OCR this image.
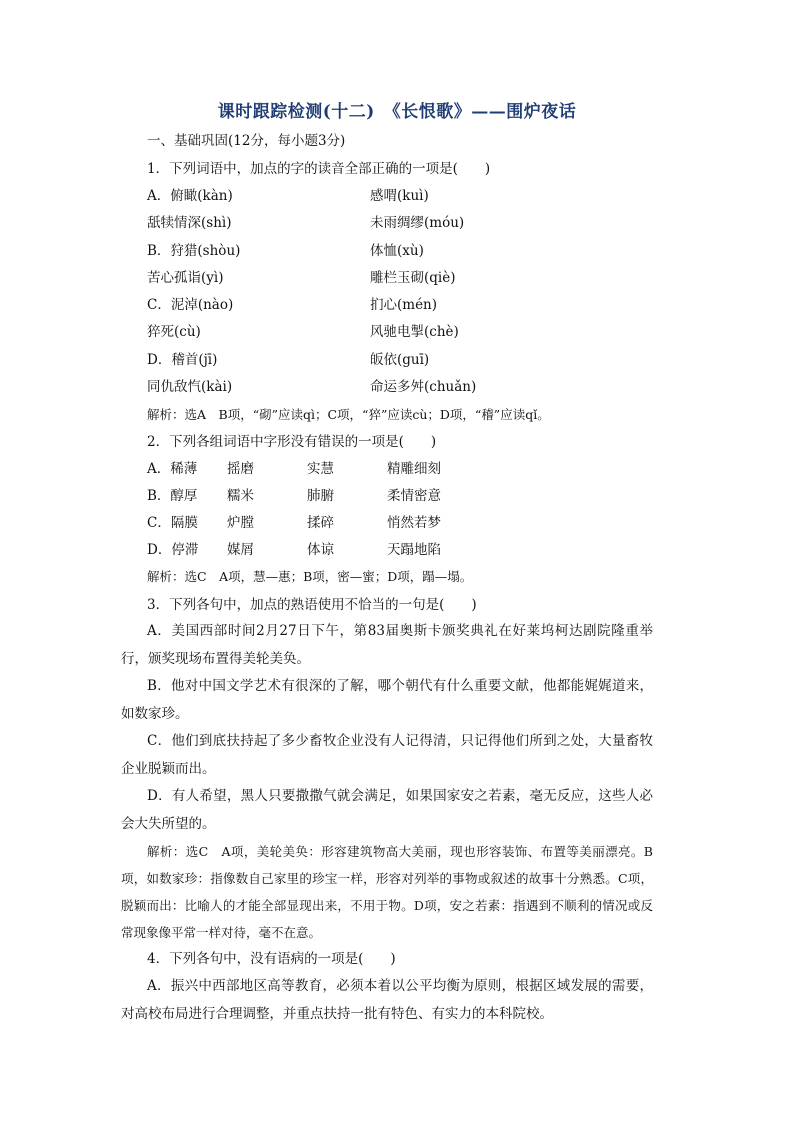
课时跟踪检测(十二)　《长恨歌》——围炉夜话
一、基础巩固(12分，每小题3分)
1．下列词语中，加点的字的读音全部正确的一项是(　　)
A．俯瞰(kàn)	感喟(kuì)
舐犊情深(shì)	未雨绸缪(móu)
B．狩猎(shòu)	体恤(xù)
苦心孤诣(yì)	雕栏玉砌(qiè)
C．泥淖(nào)	扪心(mén)
猝死(cù)	风驰电掣(chè)
D．稽首(jī)	皈依(guī)
同仇敌忾(kài)	命运多舛(chuǎn)
解析：选A　B项，“砌”应读qì；C项，“猝”应读cù；D项，“稽”应读qǐ。
2．下列各组词语中字形没有错误的一项是(　　)
A．稀薄 摇磨	实慧	精雕细刻
B．醇厚 糯米	肺腑	柔情密意
C．隔膜 炉膛	揉碎	悄然若梦
D．停滞 媒屑	体谅	天蹋地陷
解析：选C　A项，慧—惠；B项，密—蜜；D项，蹋—塌。
3．下列各句中，加点的熟语使用不恰当的一句是(　　)
A．美国西部时间2月27日下午，第83届奥斯卡颁奖典礼在好莱坞柯达剧院隆重举行，颁奖现场布置得美轮美奂。
B．他对中国文学艺术有很深的了解，哪个朝代有什么重要文献，他都能娓娓道来，如数家珍。
C．他们到底扶持起了多少畜牧企业没有人记得清，只记得他们所到之处，大量畜牧企业脱颖而出。
D．有人希望，黑人只要撒撒气就会满足，如果国家安之若素，毫无反应，这些人必会大失所望的。
解析：选C　A项，美轮美奂：形容建筑物高大美丽，现也形容装饰、布置等美丽漂亮。B项，如数家珍：指像数自己家里的珍宝一样，形容对列举的事物或叙述的故事十分熟悉。C项，脱颖而出：比喻人的才能全部显现出来，不用于物。D项，安之若素：指遇到不顺利的情况或反常现象像平常一样对待，毫不在意。
4．下列各句中，没有语病的一项是(　　)
A．振兴中西部地区高等教育，必须本着以公平均衡为原则，根据区域发展的需要，对高校布局进行合理调整，并重点扶持一批有特色、有实力的本科院校。
